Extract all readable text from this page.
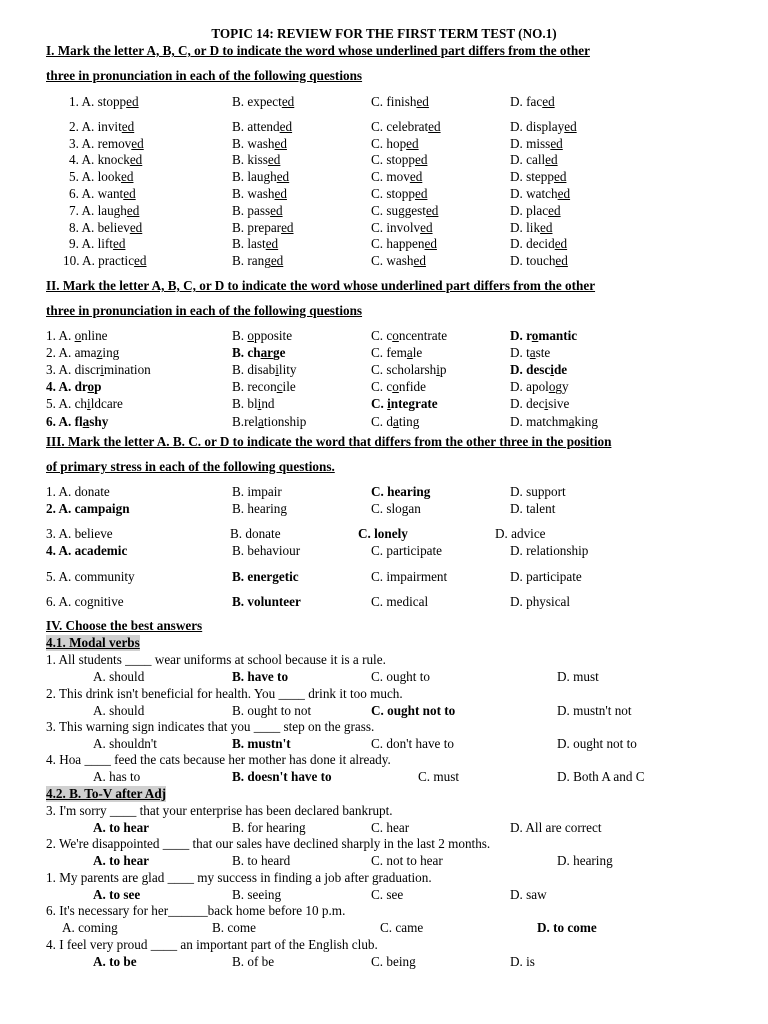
TOPIC 14: REVIEW FOR THE FIRST TERM TEST (NO.1)
I. Mark the letter A, B, C, or D to indicate the word whose underlined part differs from the other
three in pronunciation in each of the following questions
1. A. stopped	B. expected	C. finished	D. faced
2. A. invited	B. attended	C. celebrated	D. displayed
3. A. removed	B. washed	C. hoped	D. missed
4. A. knocked	B. kissed	C. stopped	D. called
5. A. looked	B. laughed	C. moved	D. stepped
6. A. wanted	B. washed	C. stopped	D. watched
7. A. laughed	B. passed	C. suggested	D. placed
8. A. believed	B. prepared	C. involved	D. liked
9. A. lifted	B. lasted	C. happened	D. decided
10. A. practiced	B. ranged	C. washed	D. touched
II. Mark the letter A, B, C, or D to indicate the word whose underlined part differs from the other
three in pronunciation in each of the following questions
1. A. online	B. opposite	C. concentrate	D. romantic
2. A. amazing	B. charge	C. female	D. taste
3. A. discrimination	B. disability	C. scholarship	D. descide
4. A. drop	B. reconcile	C. confide	D. apology
5. A. childcare	B. blind	C. integrate	D. decisive
6. A. flashy	B.relationship	C. dating	D. matchmaking
III. Mark the letter A. B. C. or D to indicate the word that differs from the other three in the position
of primary stress in each of the following questions.
1. A. donate	B. impair	C. hearing	D. support
2. A. campaign	B. hearing	C. slogan	D. talent
3. A. believe	B. donate	C. lonely	D. advice
4. A. academic	B. behaviour	C. participate	D. relationship
5. A. community	B. energetic	C. impairment	D. participate
6. A. cognitive	B. volunteer	C. medical	D. physical
IV. Choose the best answers
4.1. Modal verbs
1. All students ____ wear uniforms at school because it is a rule.
A. should	B. have to	C. ought to	D. must
2. This drink isn't beneficial for health. You ____ drink it too much.
A. should	B. ought to not	C. ought not to	D. mustn't not
3. This warning sign indicates that you ____ step on the grass.
A. shouldn't	B. mustn't	C. don't have to	D. ought not to
4. Hoa ____ feed the cats because her mother has done it already.
A. has to	B. doesn't have to	C. must	D. Both A and C
4.2. B. To-V after Adj
3. I'm sorry ____ that your enterprise has been declared bankrupt.
A. to hear	B. for hearing	C. hear	D. All are correct
2. We're disappointed ____ that our sales have declined sharply in the last 2 months.
A. to hear	B. to heard	C. not to hear	D. hearing
1. My parents are glad ____ my success in finding a job after graduation.
A. to see	B. seeing	C. see	D. saw
6. It's necessary for her______back home before 10 p.m.
A. coming	B. come	C. came	D. to come
4. I feel very proud ____ an important part of the English club.
A. to be	B. of be	C. being	D. is
